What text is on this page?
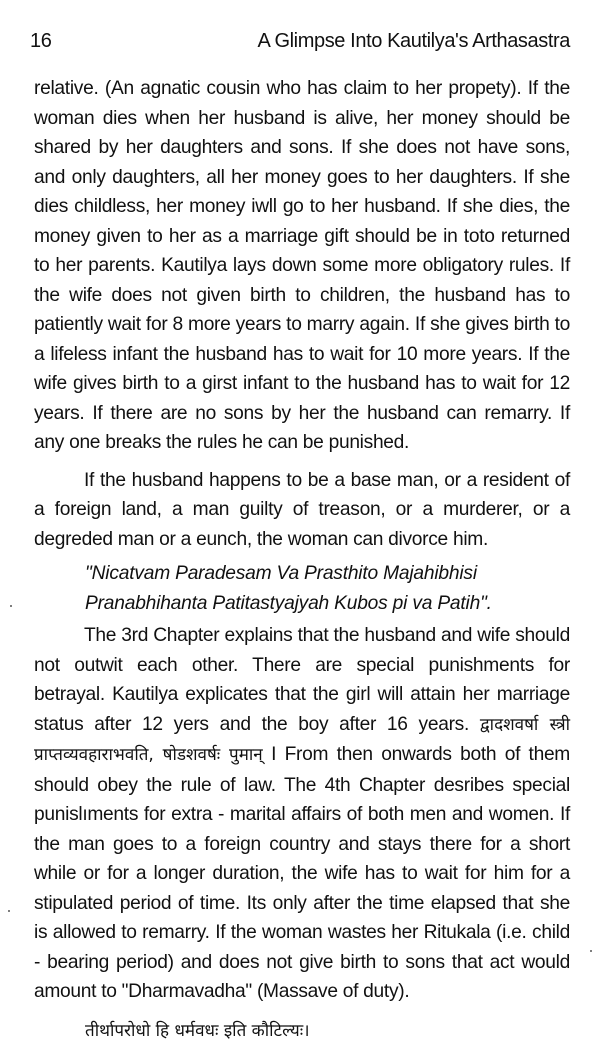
16	A Glimpse Into Kautilya's Arthasastra

relative. (An agnatic cousin who has claim to her propety). If the woman dies when her husband is alive, her money should be shared by her daughters and sons. If she does not have sons, and only daughters, all her money goes to her daughters. If she dies childless, her money iwll go to her husband. If she dies, the money given to her as a marriage gift should be in toto returned to her parents. Kautilya lays down some more obligatory rules. If the wife does not given birth to children, the husband has to patiently wait for 8 more years to marry again. If she gives birth to a lifeless infant the husband has to wait for 10 more years. If the wife gives birth to a girst infant to the husband has to wait for 12 years. If there are no sons by her the husband can remarry. If any one breaks the rules he can be punished.

If the husband happens to be a base man, or a resident of a foreign land, a man guilty of treason, or a murderer, or a degreded man or a eunch, the woman can divorce him.

"Nicatvam Paradesam Va Prasthito Majahibhisi
Pranabhihanta Patitastyajyah Kubos pi va Patih".

The 3rd Chapter explains that the husband and wife should not outwit each other. There are special punishments for betrayal. Kautilya explicates that the girl will attain her marriage status after 12 yers and the boy after 16 years. द्वादशवर्षा स्त्री प्राप्तव्यवहाराभवति, षोडशवर्षः पुमान् I From then onwards both of them should obey the rule of law. The 4th Chapter desribes special punislıments for extra - marital affairs of both men and women. If the man goes to a foreign country and stays there for a short while or for a longer duration, the wife has to wait for him for a stipulated period of time. Its only after the time elapsed that she is allowed to remarry. If the woman wastes her Ritukala (i.e. child - bearing period) and does not give birth to sons that act would amount to "Dharmavadha" (Massave of duty).

तीर्थापरोधो हि धर्मवधः इति कौटिल्यः।
